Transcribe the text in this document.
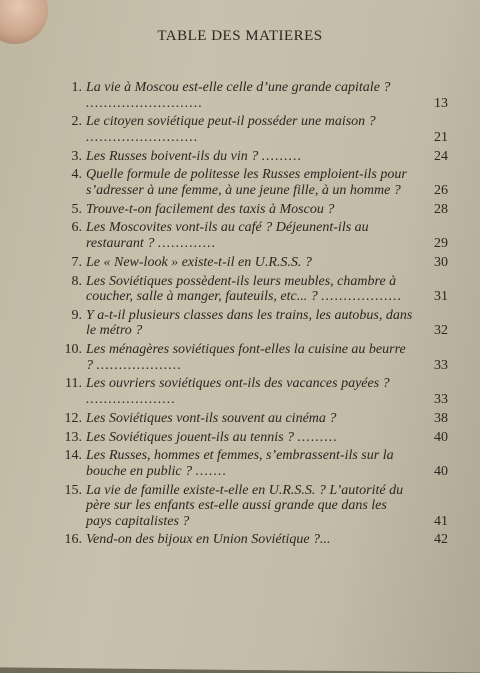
TABLE DES MATIERES
1. La vie à Moscou est-elle celle d’une grande capitale ? ..........................	13
2. Le citoyen soviétique peut-il posséder une maison ? .........................	21
3. Les Russes boivent-ils du vin ? .........	24
4. Quelle formule de politesse les Russes emploient-ils pour s’adresser à une femme, à une jeune fille, à un homme ?	26
5. Trouve-t-on facilement des taxis à Moscou ?	28
6. Les Moscovites vont-ils au café ? Déjeunent-ils au restaurant ? .............	29
7. Le « New-look » existe-t-il en U.R.S.S. ?	30
8. Les Soviétiques possèdent-ils leurs meubles, chambre à coucher, salle à manger, fauteuils, etc... ? ..................	31
9. Y a-t-il plusieurs classes dans les trains, les autobus, dans le métro ?	32
10. Les ménagères soviétiques font-elles la cuisine au beurre ? ...................	33
11. Les ouvriers soviétiques ont-ils des vacances payées ? ....................	33
12. Les Soviétiques vont-ils souvent au cinéma ?	38
13. Les Soviétiques jouent-ils au tennis ? .........	40
14. Les Russes, hommes et femmes, s’embrassent-ils sur la bouche en public ? .......	40
15. La vie de famille existe-t-elle en U.R.S.S. ? L’autorité du père sur les enfants est-elle aussi grande que dans les pays capitalistes ?	41
16. Vend-on des bijoux en Union Soviétique ?...	42
